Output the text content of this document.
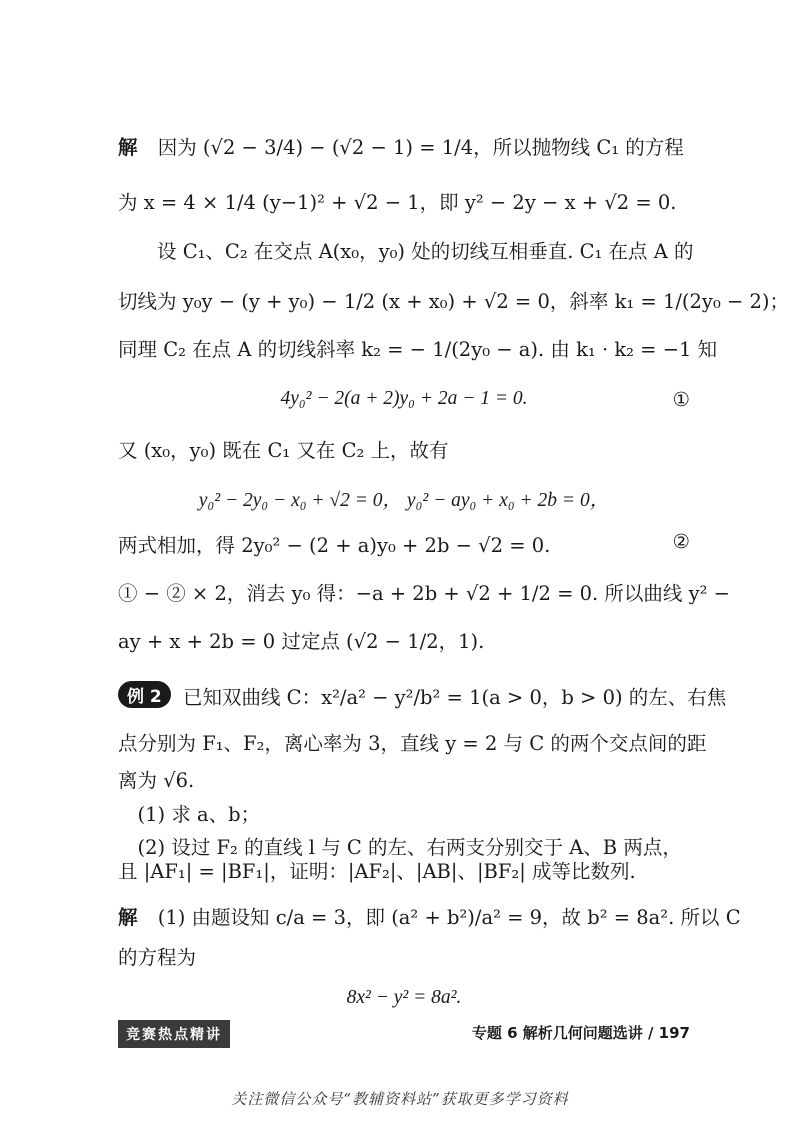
解 因为 (√2 − 3/4) − (√2 − 1) = 1/4，所以抛物线 C₁ 的方程
为 x = 4 × 1/4 (y−1)² + √2 − 1，即 y² − 2y − x + √2 = 0.
设 C₁、C₂ 在交点 A(x₀，y₀) 处的切线互相垂直. C₁ 在点 A 的
切线为 y₀y − (y + y₀) − 1/2 (x + x₀) + √2 = 0，斜率 k₁ = 1/(2y₀ − 2)；
同理 C₂ 在点 A 的切线斜率 k₂ = − 1/(2y₀ − a). 由 k₁ · k₂ = −1 知
4y₀² − 2(a + 2)y₀ + 2a − 1 = 0.	①
又 (x₀，y₀) 既在 C₁ 又在 C₂ 上，故有
y₀² − 2y₀ − x₀ + √2 = 0， y₀² − ay₀ + x₀ + 2b = 0，
两式相加，得 2y₀² − (2 + a)y₀ + 2b − √2 = 0.	②
① − ② × 2，消去 y₀ 得：−a + 2b + √2 + 1/2 = 0. 所以曲线 y² −
ay + x + 2b = 0 过定点 (√2 − 1/2，1).
例 2 已知双曲线 C：x²/a² − y²/b² = 1(a > 0，b > 0) 的左、右焦
点分别为 F₁、F₂，离心率为 3，直线 y = 2 与 C 的两个交点间的距
离为 √6.
(1) 求 a、b；
(2) 设过 F₂ 的直线 l 与 C 的左、右两支分别交于 A、B 两点，
且 |AF₁| = |BF₁|，证明：|AF₂|、|AB|、|BF₂| 成等比数列.
解 (1) 由题设知 c/a = 3，即 (a² + b²)/a² = 9，故 b² = 8a². 所以 C
的方程为
8x² − y² = 8a².
竞赛热点精讲	专题 6 解析几何问题选讲 / 197
关注微信公众号“教辅资料站”获取更多学习资料
